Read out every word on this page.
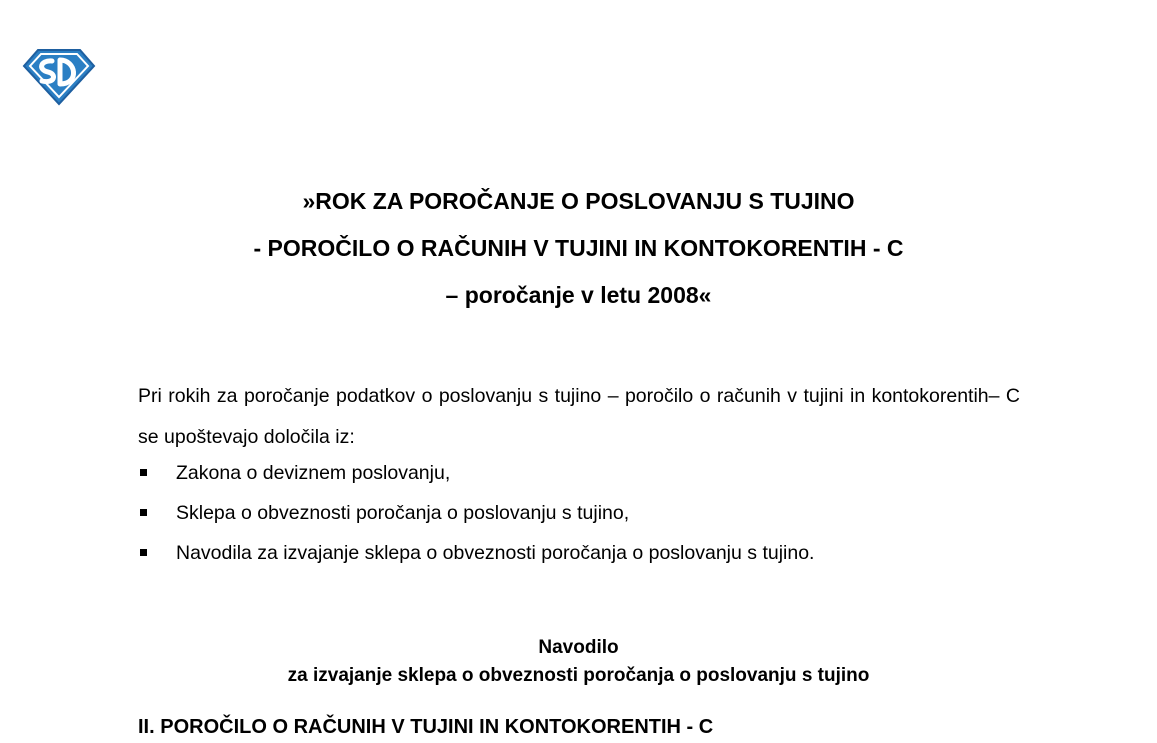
»ROK ZA POROČANJE O POSLOVANJU S TUJINO
- POROČILO O RAČUNIH V TUJINI IN KONTOKORENTIH - C
– poročanje v letu 2008«
Pri rokih za poročanje podatkov o poslovanju s tujino – poročilo o računih v tujini in kontokorentih– C se upoštevajo določila iz:
Zakona o deviznem poslovanju,
Sklepa o obveznosti poročanja o poslovanju s tujino,
Navodila za izvajanje sklepa o obveznosti poročanja o poslovanju s tujino.
Navodilo
za izvajanje sklepa o obveznosti poročanja o poslovanju s tujino
II. POROČILO O RAČUNIH V TUJINI IN KONTOKORENTIH - C
